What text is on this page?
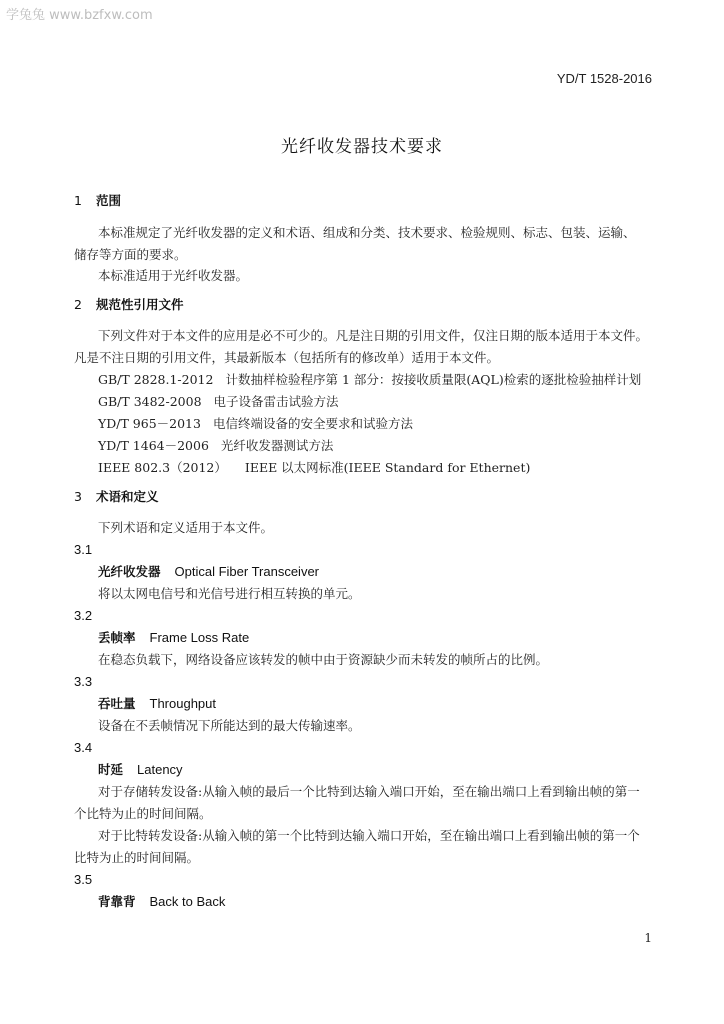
学兔兔 www.bzfxw.com
YD/T 1528-2016
光纤收发器技术要求
1 范围
本标准规定了光纤收发器的定义和术语、组成和分类、技术要求、检验规则、标志、包装、运输、
储存等方面的要求。
本标准适用于光纤收发器。
2 规范性引用文件
下列文件对于本文件的应用是必不可少的。凡是注日期的引用文件，仅注日期的版本适用于本文件。
凡是不注日期的引用文件，其最新版本（包括所有的修改单）适用于本文件。
GB/T 2828.1-2012 计数抽样检验程序第 1 部分：按接收质量限(AQL)检索的逐批检验抽样计划
GB/T 3482-2008 电子设备雷击试验方法
YD/T 965－2013 电信终端设备的安全要求和试验方法
YD/T 1464－2006 光纤收发器测试方法
IEEE 802.3（2012） IEEE 以太网标准(IEEE Standard for Ethernet)
3 术语和定义
下列术语和定义适用于本文件。
3.1
光纤收发器 Optical Fiber Transceiver
将以太网电信号和光信号进行相互转换的单元。
3.2
丢帧率 Frame Loss Rate
在稳态负载下，网络设备应该转发的帧中由于资源缺少而未转发的帧所占的比例。
3.3
吞吐量 Throughput
设备在不丢帧情况下所能达到的最大传输速率。
3.4
时延 Latency
对于存储转发设备:从输入帧的最后一个比特到达输入端口开始，至在输出端口上看到输出帧的第一
个比特为止的时间间隔。
对于比特转发设备:从输入帧的第一个比特到达输入端口开始，至在输出端口上看到输出帧的第一个
比特为止的时间间隔。
3.5
背靠背 Back to Back
1
